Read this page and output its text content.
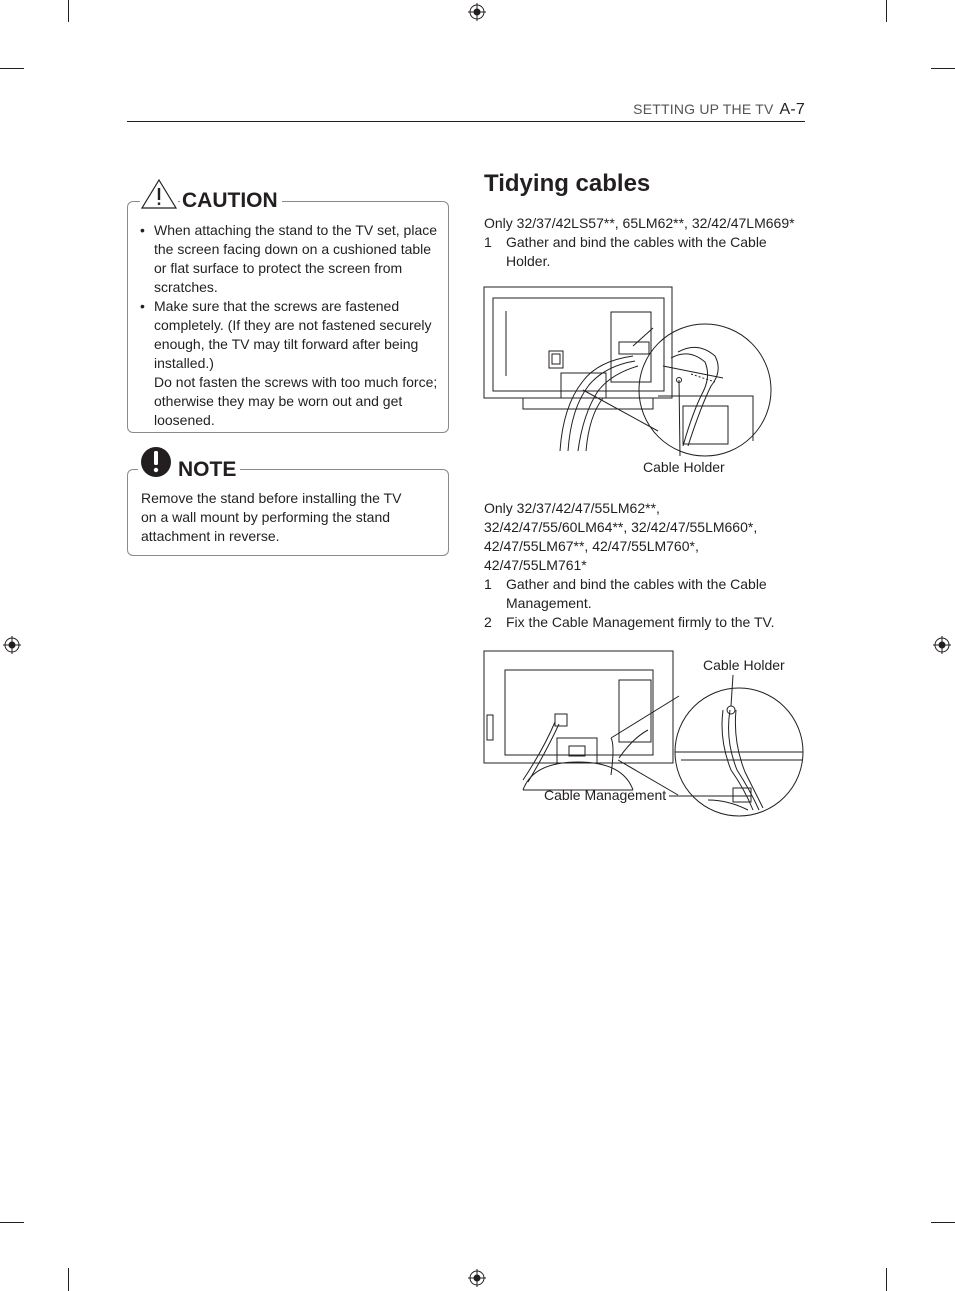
SETTING UP THE TV A-7
• When attaching the stand to the TV set, place the screen facing down on a cushioned table or flat surface to protect the screen from scratches.
• Make sure that the screws are fastened completely. (If they are not fastened securely enough, the TV may tilt forward after being installed.)
Do not fasten the screws with too much force; otherwise they may be worn out and get loosened.
CAUTION
Remove the stand before installing the TV on a wall mount by performing the stand attachment in reverse.
NOTE
Tidying cables
Only 32/37/42LS57**, 65LM62**, 32/42/47LM669*
1 Gather and bind the cables with the Cable Holder.
Cable Holder
Only 32/37/42/47/55LM62**, 32/42/47/55/60LM64**, 32/42/47/55LM660*, 42/47/55LM67**, 42/47/55LM760*, 42/47/55LM761*
1 Gather and bind the cables with the Cable Management.
2 Fix the Cable Management firmly to the TV.
Cable Holder
Cable Management
